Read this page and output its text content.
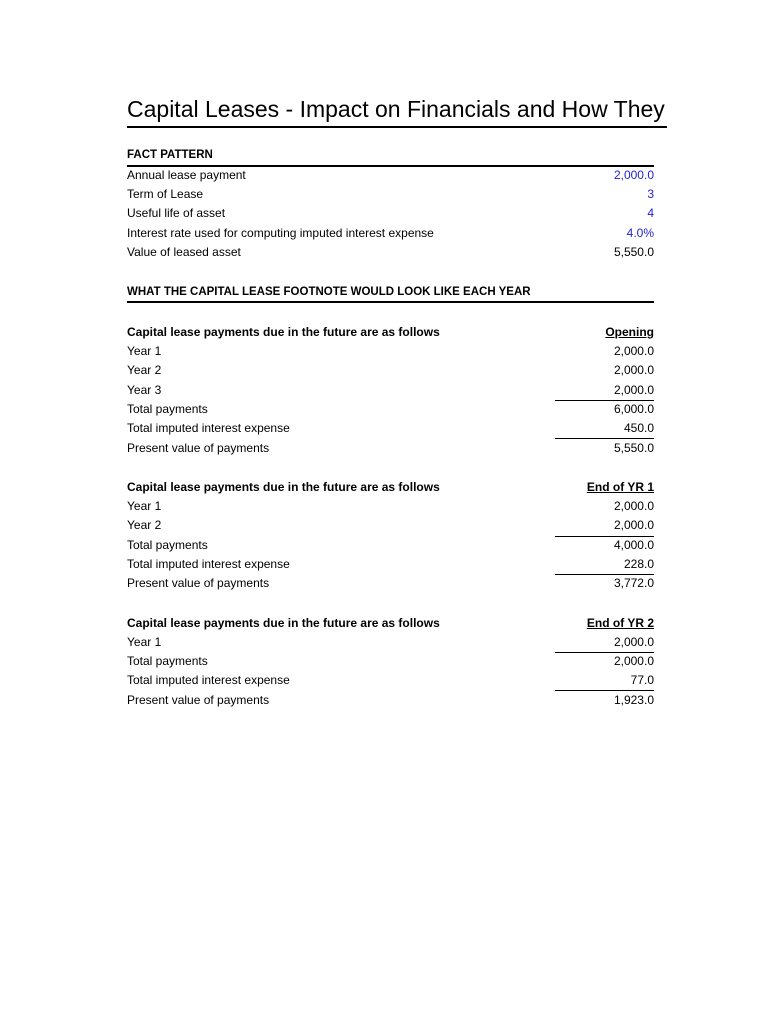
Capital Leases - Impact on Financials and How They
FACT PATTERN
Annual lease payment	2,000.0
Term of Lease	3
Useful life of asset	4
Interest rate used for computing imputed interest expense	4.0%
Value of leased asset	5,550.0
WHAT THE CAPITAL LEASE FOOTNOTE WOULD LOOK LIKE EACH YEAR
Capital lease payments due in the future are as follows	Opening
Year 1	2,000.0
Year 2	2,000.0
Year 3	2,000.0
Total payments	6,000.0
Total imputed interest expense	450.0
Present value of payments	5,550.0
Capital lease payments due in the future are as follows	End of YR 1
Year 1	2,000.0
Year 2	2,000.0
Total payments	4,000.0
Total imputed interest expense	228.0
Present value of payments	3,772.0
Capital lease payments due in the future are as follows	End of YR 2
Year 1	2,000.0
Total payments	2,000.0
Total imputed interest expense	77.0
Present value of payments	1,923.0
